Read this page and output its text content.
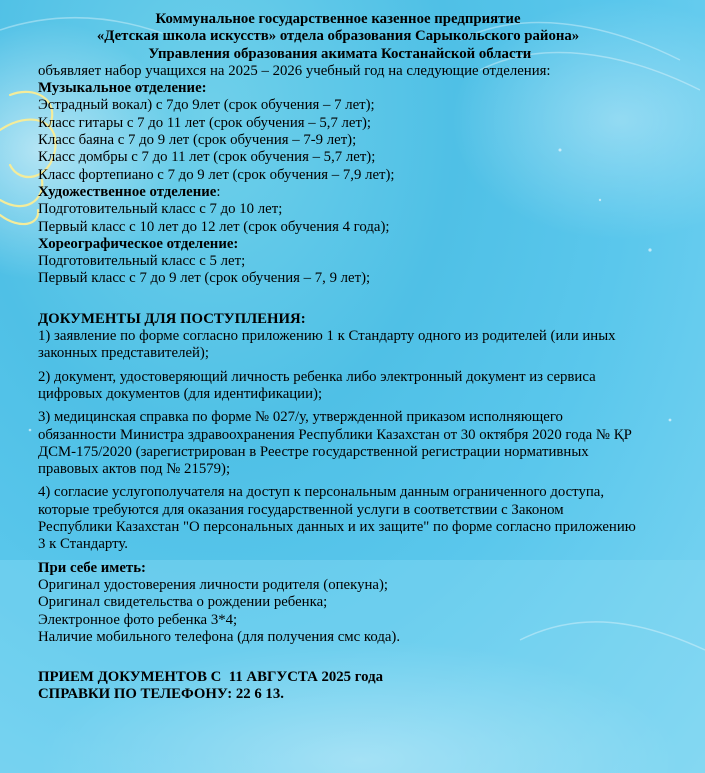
Коммунальное государственное казенное предприятие

«Детская школа искусств» отдела образования Сарыкольского района»

Управления образования акимата Костанайской области

объявляет набор учащихся на 2025 – 2026 учебный год на следующие отделения:

Музыкальное отделение:

Эстрадный вокал) с 7до 9лет (срок обучения – 7 лет);

Класс гитары с 7 до 11 лет (срок обучения – 5,7 лет);

Класс баяна с 7 до 9 лет (срок обучения – 7-9 лет);

Класс домбры с 7 до 11 лет (срок обучения – 5,7 лет);

Класс фортепиано с 7 до 9 лет (срок обучения – 7,9 лет);

Художественное отделение:

Подготовительный класс с 7 до 10 лет;

Первый класс с 10 лет до 12 лет (срок обучения 4 года);

Хореографическое отделение:

Подготовительный класс с 5 лет;

Первый класс с 7 до 9 лет (срок обучения – 7, 9 лет);

ДОКУМЕНТЫ ДЛЯ ПОСТУПЛЕНИЯ:

1) заявление по форме согласно приложению 1 к Стандарту одного из родителей (или иных законных представителей);

2) документ, удостоверяющий личность ребенка либо электронный документ из сервиса цифровых документов (для идентификации);

3) медицинская справка по форме № 027/у, утвержденной приказом исполняющего обязанности Министра здравоохранения Республики Казахстан от 30 октября 2020 года № ҚР ДСМ-175/2020 (зарегистрирован в Реестре государственной регистрации нормативных правовых актов под № 21579);

4) согласие услугополучателя на доступ к персональным данным ограниченного доступа, которые требуются для оказания государственной услуги в соответствии с Законом Республики Казахстан "О персональных данных и их защите" по форме согласно приложению 3 к Стандарту.

При себе иметь:

Оригинал удостоверения личности родителя (опекуна);

Оригинал свидетельства о рождении ребенка;

Электронное фото ребенка 3*4;

Наличие мобильного телефона (для получения смс кода).

ПРИЕМ ДОКУМЕНТОВ С  11 АВГУСТА 2025 года

СПРАВКИ ПО ТЕЛЕФОНУ: 22 6 13.
